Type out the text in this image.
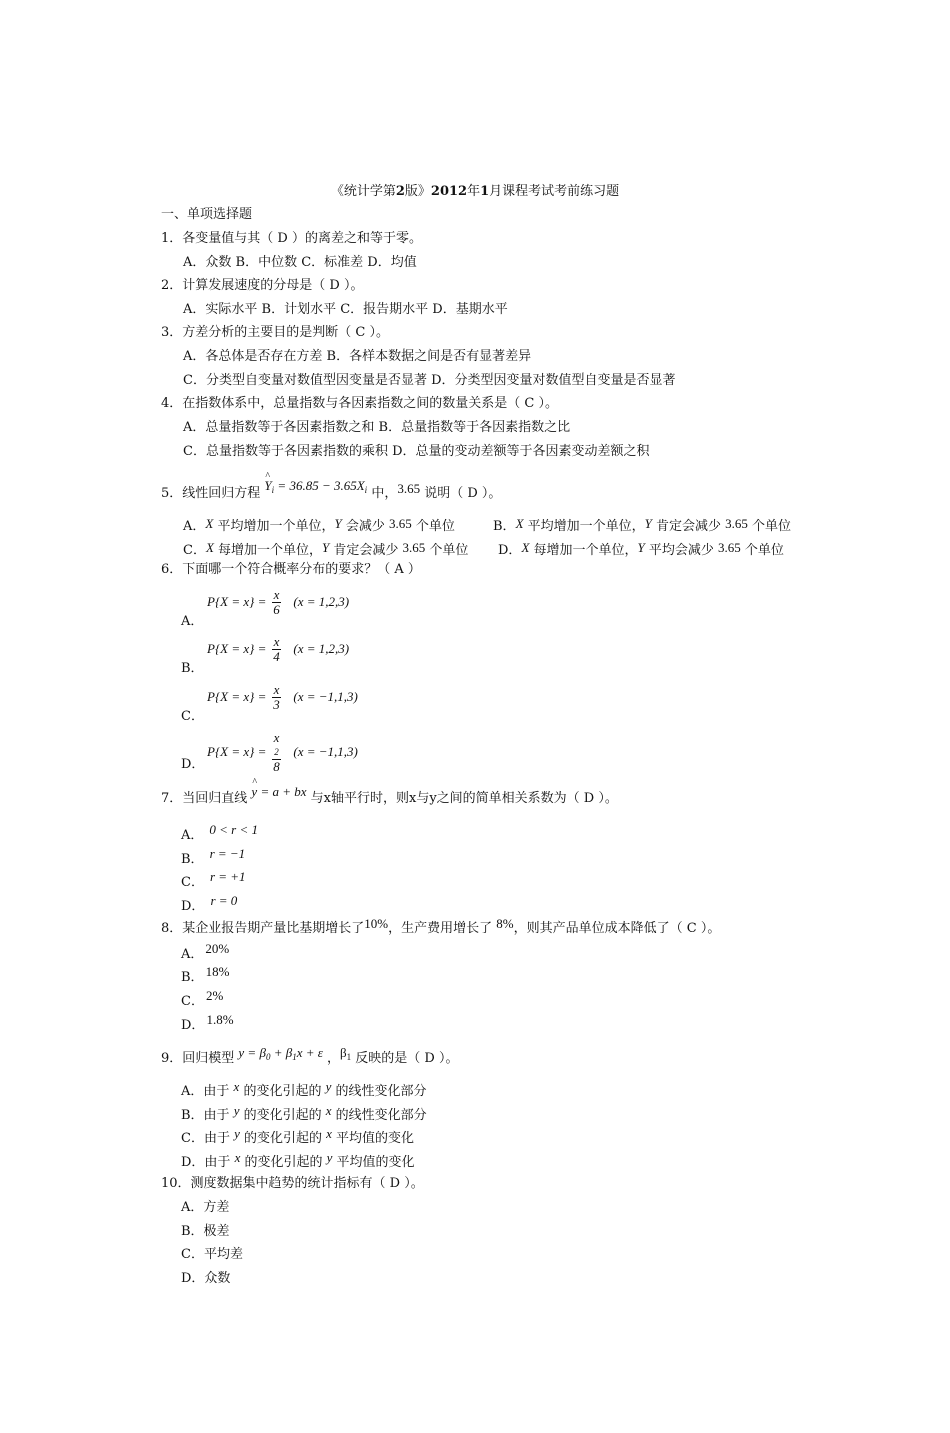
《统计学第2版》2012年1月课程考试考前练习题
一、单项选择题
1．各变量值与其（ D ）的离差之和等于零。
A．众数 B．中位数 C．标准差 D．均值
2．计算发展速度的分母是（ D ）。
A．实际水平 B．计划水平 C．报告期水平 D．基期水平
3．方差分析的主要目的是判断（ C ）。
A．各总体是否存在方差 B．各样本数据之间是否有显著差异
C．分类型自变量对数值型因变量是否显著 D．分类型因变量对数值型自变量是否显著
4．在指数体系中，总量指数与各因素指数之间的数量关系是（ C ）。
A．总量指数等于各因素指数之和 B．总量指数等于各因素指数之比
C．总量指数等于各因素指数的乘积 D．总量的变动差额等于各因素变动差额之积
5．线性回归方程 ^ $Y_i = 36.85 - 3.65X_i$ 中，3.65 说明（ D ）。
A．X 平均增加一个单位，Y 会减少 3.65 个单位	B．X 平均增加一个单位，Y 肯定会减少 3.65 个单位
C．X 每增加一个单位，Y 肯定会减少 3.65 个单位 D．X 每增加一个单位，Y 平均会减少 3.65 个单位
6．下面哪一个符合概率分布的要求？（ A ）
A．
$P\{X = x\} = \frac{x}{6} (x = 1,2,3)$
B．
$P\{X = x\} = \frac{x}{4} (x = 1,2,3)$
C．
$P\{X = x\} = \frac{x}{3} (x = -1,1,3)$
D．
P{X = x} = x
2
8 (x = −1,1,3)
7．当回归直线 ^ y = a + bx 与x轴平行时，则x与y之间的简单相关系数为（ D ）。
A． 0 < r < 1
B． r = −1
C． r = +1
D． r = 0
8．某企业报告期产量比基期增长了10%，生产费用增长了 8%，则其产品单位成本降低了（ C ）。
A． 20%
B． 18%
C． 2%
D． 1.8%
9．回归模型 $y = \beta_0 + \beta_1x + \varepsilon$ ，$\beta_1$ 反映的是（ D ）。
A．由于 x 的变化引起的 y 的线性变化部分
B．由于 y 的变化引起的 x 的线性变化部分
C．由于 y 的变化引起的 x 平均值的变化
D．由于 x 的变化引起的 y 平均值的变化
10．测度数据集中趋势的统计指标有（ D ）。
A．方差
B．极差
C．平均差
D．众数
